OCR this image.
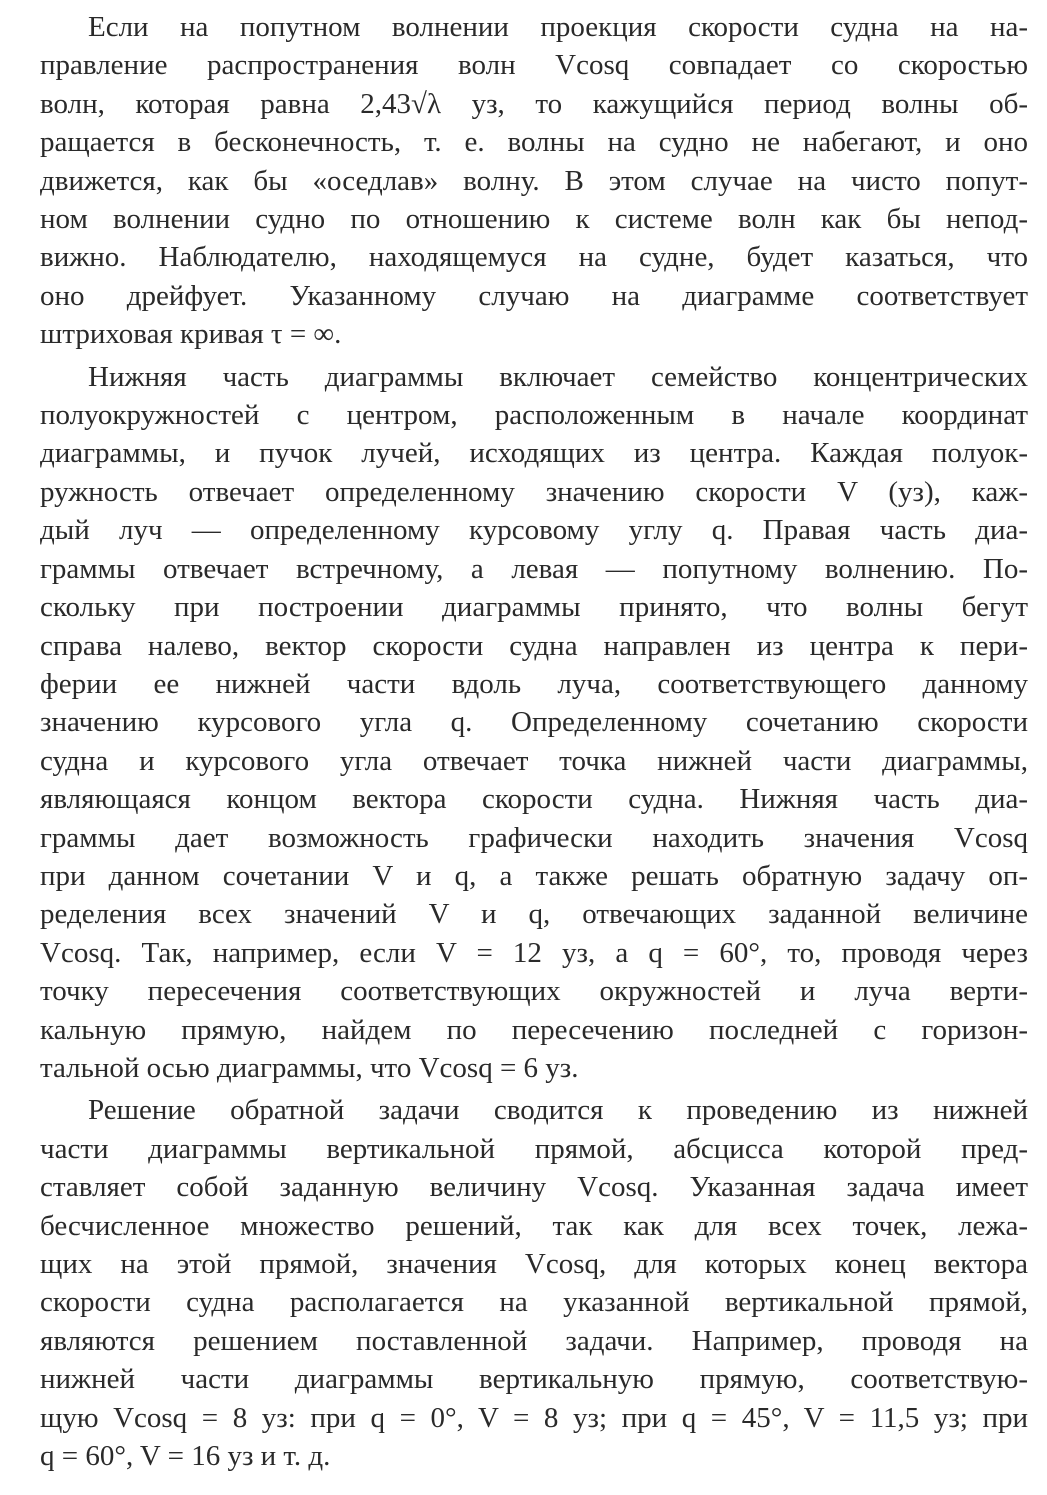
Если на попутном волнении проекция скорости судна на на-
правление распространения волн Vcosq совпадает со скоростью
волн, которая равна 2,43√λ уз, то кажущийся период волны об-
ращается в бесконечность, т. е. волны на судно не набегают, и оно
движется, как бы «оседлав» волну. В этом случае на чисто попут-
ном волнении судно по отношению к системе волн как бы непод-
вижно. Наблюдателю, находящемуся на судне, будет казаться, что
оно дрейфует. Указанному случаю на диаграмме соответствует
штриховая кривая τ = ∞.
Нижняя часть диаграммы включает семейство концентрических
полуокружностей с центром, расположенным в начале координат
диаграммы, и пучок лучей, исходящих из центра. Каждая полуок-
ружность отвечает определенному значению скорости V (уз), каж-
дый луч — определенному курсовому углу q. Правая часть диа-
граммы отвечает встречному, а левая — попутному волнению. По-
скольку при построении диаграммы принято, что волны бегут
справа налево, вектор скорости судна направлен из центра к пери-
ферии ее нижней части вдоль луча, соответствующего данному
значению курсового угла q. Определенному сочетанию скорости
судна и курсового угла отвечает точка нижней части диаграммы,
являющаяся концом вектора скорости судна. Нижняя часть диа-
граммы дает возможность графически находить значения Vcosq
при данном сочетании V и q, а также решать обратную задачу оп-
ределения всех значений V и q, отвечающих заданной величине
Vcosq. Так, например, если V = 12 уз, а q = 60°, то, проводя через
точку пересечения соответствующих окружностей и луча верти-
кальную прямую, найдем по пересечению последней с горизон-
тальной осью диаграммы, что Vcosq = 6 уз.
Решение обратной задачи сводится к проведению из нижней
части диаграммы вертикальной прямой, абсцисса которой пред-
ставляет собой заданную величину Vcosq. Указанная задача имеет
бесчисленное множество решений, так как для всех точек, лежа-
щих на этой прямой, значения Vcosq, для которых конец вектора
скорости судна располагается на указанной вертикальной прямой,
являются решением поставленной задачи. Например, проводя на
нижней части диаграммы вертикальную прямую, соответствую-
щую Vcosq = 8 уз: при q = 0°, V = 8 уз; при q = 45°, V = 11,5 уз; при
q = 60°, V = 16 уз и т. д.
